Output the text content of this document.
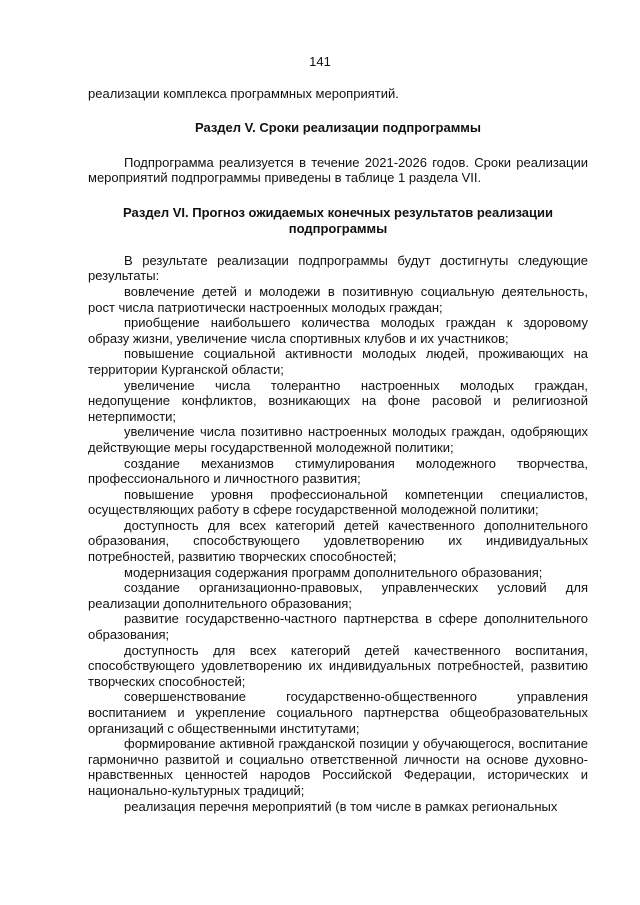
141

реализации комплекса программных мероприятий.

Раздел V. Сроки реализации подпрограммы

Подпрограмма реализуется в течение 2021-2026 годов. Сроки реализации мероприятий подпрограммы приведены в таблице 1 раздела VII.

Раздел VI. Прогноз ожидаемых конечных результатов реализации
подпрограммы

В результате реализации подпрограммы будут достигнуты следующие результаты:

вовлечение детей и молодежи в позитивную социальную деятельность, рост числа патриотически настроенных молодых граждан;

приобщение наибольшего количества молодых граждан к здоровому образу жизни, увеличение числа спортивных клубов и их участников;

повышение социальной активности молодых людей, проживающих на территории Курганской области;

увеличение числа толерантно настроенных молодых граждан, недопущение конфликтов, возникающих на фоне расовой и религиозной нетерпимости;

увеличение числа позитивно настроенных молодых граждан, одобряющих действующие меры государственной молодежной политики;

создание механизмов стимулирования молодежного творчества, профессионального и личностного развития;

повышение уровня профессиональной компетенции специалистов, осуществляющих работу в сфере государственной молодежной политики;

доступность для всех категорий детей качественного дополнительного образования, способствующего удовлетворению их индивидуальных потребностей, развитию творческих способностей;

модернизация содержания программ дополнительного образования;

создание организационно-правовых, управленческих условий для реализации дополнительного образования;

развитие государственно-частного партнерства в сфере дополнительного образования;

доступность для всех категорий детей качественного воспитания, способствующего удовлетворению их индивидуальных потребностей, развитию творческих способностей;

совершенствование государственно-общественного управления воспитанием и укрепление социального партнерства общеобразовательных организаций с общественными институтами;

формирование активной гражданской позиции у обучающегося, воспитание гармонично развитой и социально ответственной личности на основе духовно-нравственных ценностей народов Российской Федерации, исторических и национально-культурных традиций;

реализация перечня мероприятий (в том числе в рамках региональных
